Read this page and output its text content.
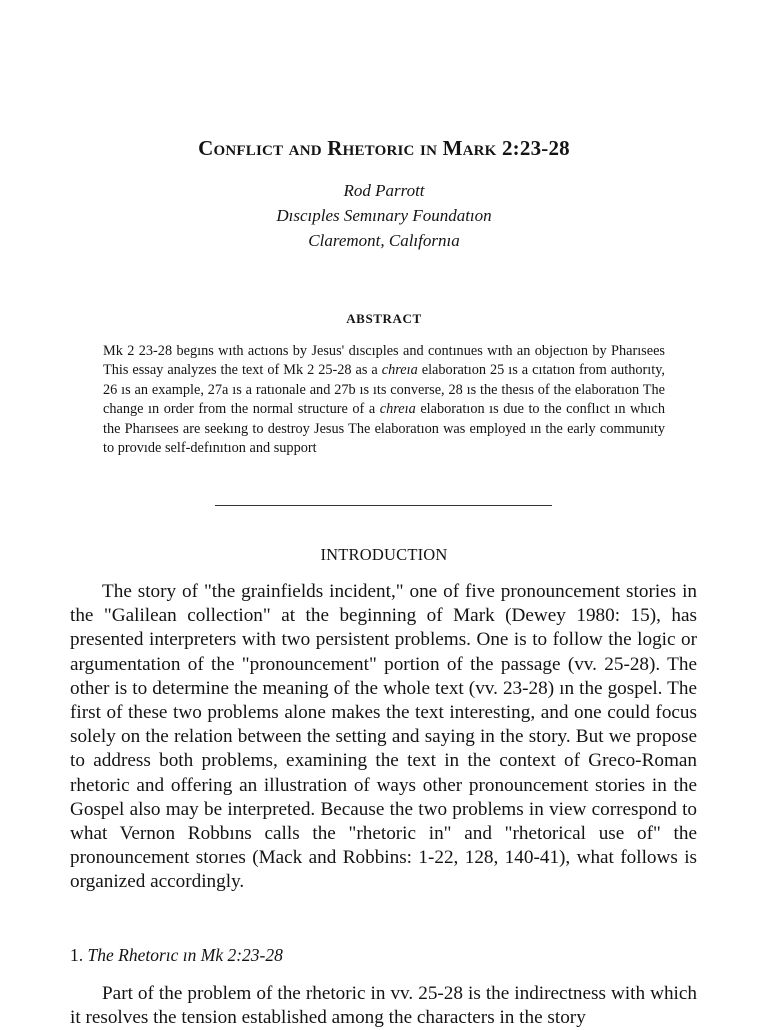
Conflict and Rhetoric in Mark 2:23-28
Rod Parrott
Dıscıples Semınary Foundatıon
Claremont, Calıfornıa
ABSTRACT
Mk 2 23-28 begıns wıth actıons by Jesus' dıscıples and contınues wıth an objectıon by Pharısees This essay analyzes the text of Mk 2 25-28 as a chreıa elaboratıon 25 ıs a cıtatıon from authorıty, 26 ıs an example, 27a ıs a ratıonale and 27b ıs ıts converse, 28 ıs the thesıs of the elaboratıon The change ın order from the normal structure of a chreıa elaboratıon ıs due to the conflıct ın whıch the Pharısees are seekıng to destroy Jesus The elaboratıon was employed ın the early communıty to provıde self-defınıtıon and support
INTRODUCTION
The story of "the grainfields incident," one of five pronouncement stories in the "Galilean collection" at the beginning of Mark (Dewey 1980: 15), has presented interpreters with two persistent problems. One is to follow the logic or argumentation of the "pronouncement" portion of the passage (vv. 25-28). The other is to determine the meaning of the whole text (vv. 23-28) ın the gospel. The first of these two problems alone makes the text interesting, and one could focus solely on the relation between the setting and saying in the story. But we propose to address both problems, examining the text in the context of Greco-Roman rhetoric and offering an illustration of ways other pronouncement stories in the Gospel also may be interpreted. Because the two problems in view correspond to what Vernon Robbıns calls the "rhetoric in" and "rhetorical use of" the pronouncement storıes (Mack and Robbins: 1-22, 128, 140-41), what follows is organized accordingly.
1. The Rhetorıc ın Mk 2:23-28
Part of the problem of the rhetoric in vv. 25-28 is the indirectness with which it resolves the tension established among the characters in the story
